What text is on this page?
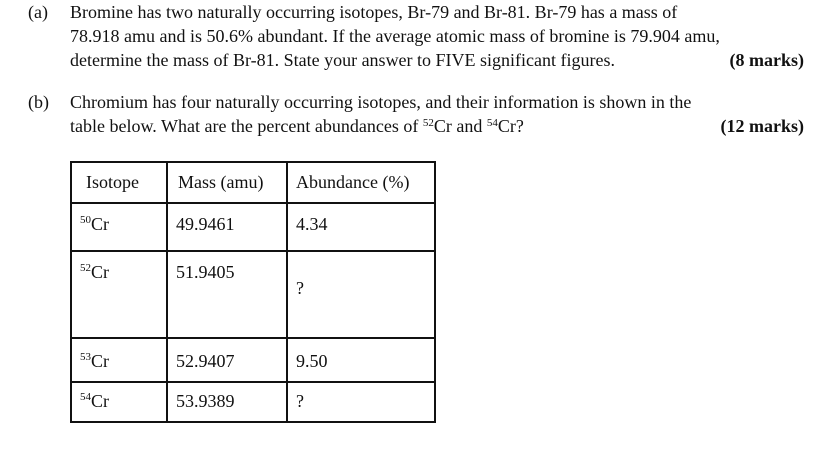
(a)	Bromine has two naturally occurring isotopes, Br-79 and Br-81. Br-79 has a mass of
78.918 amu and is 50.6% abundant. If the average atomic mass of bromine is 79.904 amu,
determine the mass of Br-81. State your answer to FIVE significant figures.	(8 marks)
(b)	Chromium has four naturally occurring isotopes, and their information is shown in the
table below. What are the percent abundances of $^{52}$Cr and $^{54}$Cr?	(12 marks)
Isotope	Mass (amu)	Abundance (%)
$^{50}$Cr	49.9461	4.34
$^{52}$Cr	51.9405	?

$^{53}$Cr	52.9407	9.50
$^{54}$Cr	53.9389	?
